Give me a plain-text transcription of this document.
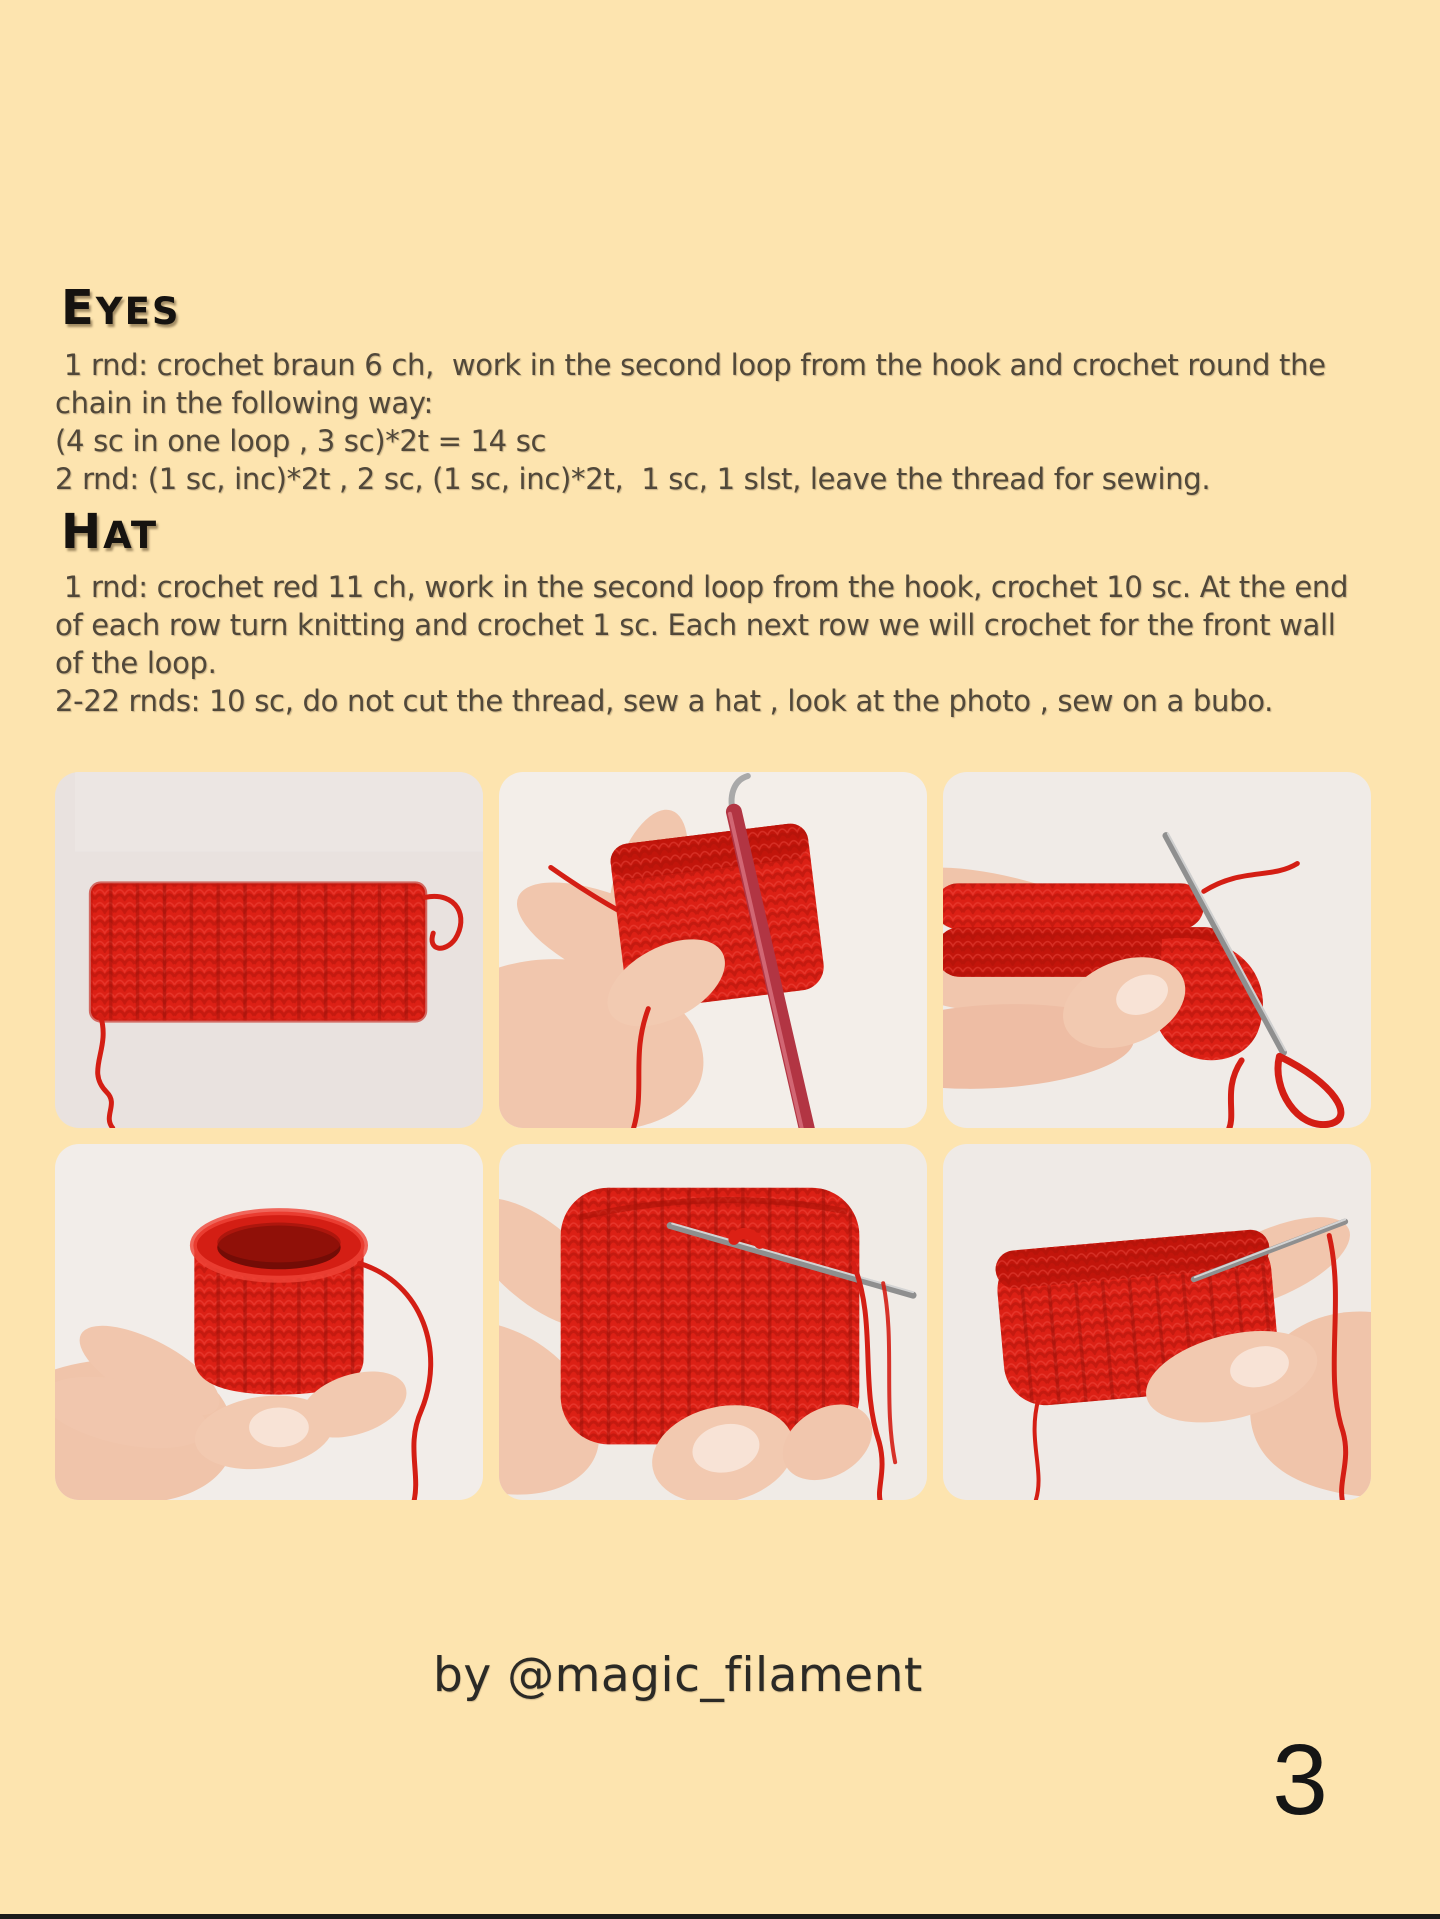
EYES
1 rnd: crochet braun 6 ch,  work in the second loop from the hook and crochet round the
chain in the following way:
(4 sc in one loop , 3 sc)*2t = 14 sc
2 rnd: (1 sc, inc)*2t , 2 sc, (1 sc, inc)*2t,  1 sc, 1 slst, leave the thread for sewing.
HAT
1 rnd: crochet red 11 ch, work in the second loop from the hook, crochet 10 sc. At the end
of each row turn knitting and crochet 1 sc. Each next row we will crochet for the front wall
of the loop.
2-22 rnds: 10 sc, do not cut the thread, sew a hat , look at the photo , sew on a bubo.
by @magic_filament
3
